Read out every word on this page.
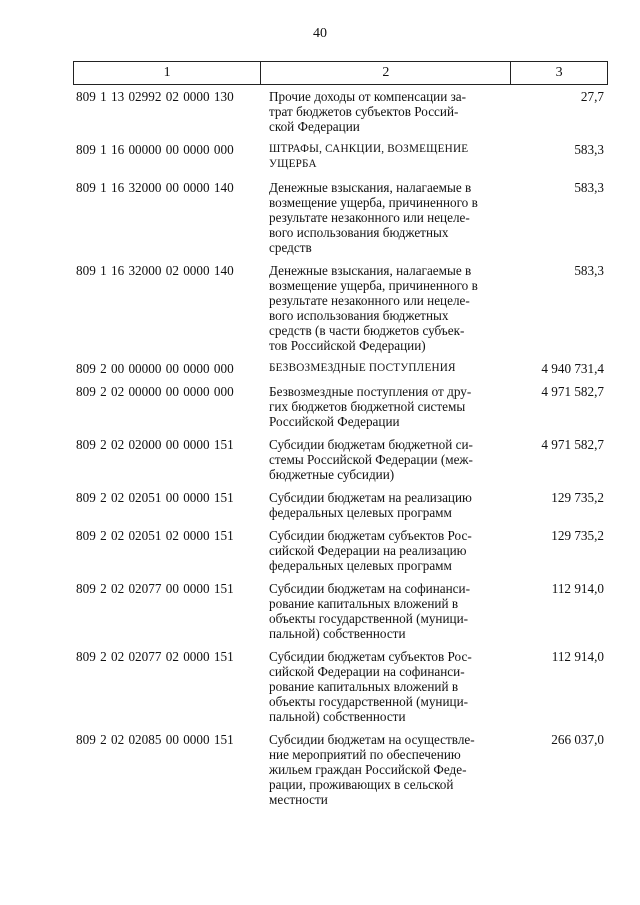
40
1	2	3
809 1 13 02992 02 0000 130	Прочие доходы от компенсации за-
трат бюджетов субъектов Россий-
ской Федерации
27,7
809 1 16 00000 00 0000 000	ШТРАФЫ, САНКЦИИ, ВОЗМЕЩЕНИЕ
УЩЕРБА
583,3
809 1 16 32000 00 0000 140	Денежные взыскания, налагаемые в
возмещение ущерба, причиненного в
результате незаконного или нецеле-
вого использования бюджетных
средств
583,3
809 1 16 32000 02 0000 140	Денежные взыскания, налагаемые в
возмещение ущерба, причиненного в
результате незаконного или нецеле-
вого использования бюджетных
средств (в части бюджетов субъек-
тов Российской Федерации)
583,3
809 2 00 00000 00 0000 000	БЕЗВОЗМЕЗДНЫЕ ПОСТУПЛЕНИЯ	4 940 731,4
809 2 02 00000 00 0000 000	Безвозмездные поступления от дру-
гих бюджетов бюджетной системы
Российской Федерации
4 971 582,7
809 2 02 02000 00 0000 151	Субсидии бюджетам бюджетной си-
стемы Российской Федерации (меж-
бюджетные субсидии)
4 971 582,7
809 2 02 02051 00 0000 151	Субсидии бюджетам на реализацию
федеральных целевых программ
129 735,2
809 2 02 02051 02 0000 151	Субсидии бюджетам субъектов Рос-
сийской Федерации на реализацию
федеральных целевых программ
129 735,2
809 2 02 02077 00 0000 151	Субсидии бюджетам на софинанси-
рование капитальных вложений в
объекты государственной (муници-
пальной) собственности
112 914,0
809 2 02 02077 02 0000 151	Субсидии бюджетам субъектов Рос-
сийской Федерации на софинанси-
рование капитальных вложений в
объекты государственной (муници-
пальной) собственности
112 914,0
809 2 02 02085 00 0000 151	Субсидии бюджетам на осуществле-
ние мероприятий по обеспечению
жильем граждан Российской Феде-
рации, проживающих в сельской
местности
266 037,0
